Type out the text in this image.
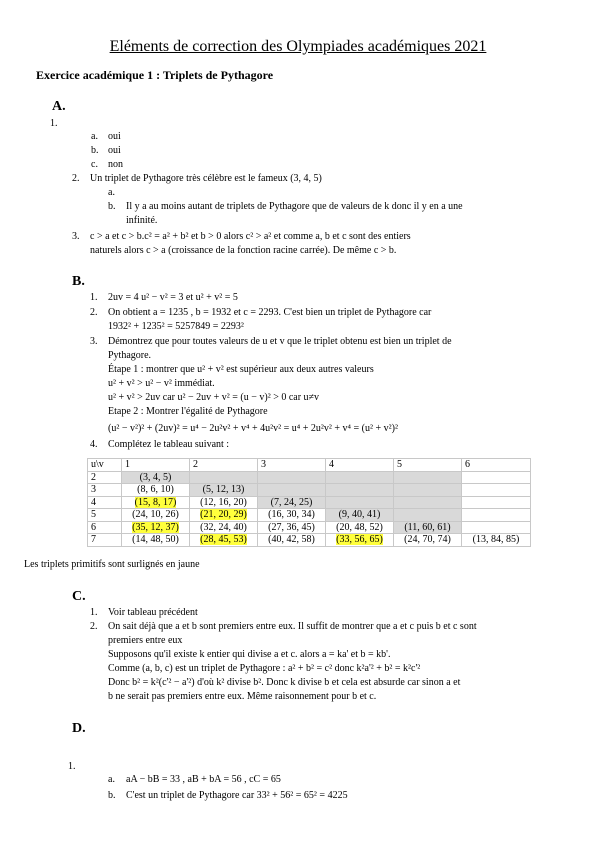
Eléments de correction des Olympiades académiques 2021
Exercice académique 1 : Triplets de Pythagore
A.
1.
a. oui
b. oui
c. non
2. Un triplet de Pythagore très célèbre est le fameux (3, 4, 5)
a.
b. Il y a au moins autant de triplets de Pythagore que de valeurs de k donc il y en a une
infinité.
3. c > a et c > b.c² = a² + b² et b > 0 alors c² > a² et comme a, b et c sont des entiers
naturels alors c > a (croissance de la fonction racine carrée). De même c > b.
B.
1. 2uv = 4 u² − v² = 3 et u² + v² = 5
2. On obtient a = 1235 , b = 1932 et c = 2293. C'est bien un triplet de Pythagore car
1932² + 1235² = 5257849 = 2293²
3. Démontrez que pour toutes valeurs de u et v que le triplet obtenu est bien un triplet de
Pythagore.
Étape 1 : montrer que u² + v² est supérieur aux deux autres valeurs
u² + v² > u² − v² immédiat.
u² + v² > 2uv car u² − 2uv + v² = (u − v)² > 0 car u≠v
Etape 2 : Montrer l'égalité de Pythagore
(u² − v²)² + (2uv)² = u⁴ − 2u²v² + v⁴ + 4u²v² = u⁴ + 2u²v² + v⁴ = (u² + v²)²
4. Complétez le tableau suivant :
u\v	1	2	3	4	5	6
2	(3, 4, 5)					
3	(8, 6, 10)	(5, 12, 13)				
4	(15, 8, 17)	(12, 16, 20)	(7, 24, 25)			
5	(24, 10, 26)	(21, 20, 29)	(16, 30, 34)	(9, 40, 41)		
6	(35, 12, 37)	(32, 24, 40)	(27, 36, 45)	(20, 48, 52)	(11, 60, 61)	
7	(14, 48, 50)	(28, 45, 53)	(40, 42, 58)	(33, 56, 65)	(24, 70, 74)	(13, 84, 85)
Les triplets primitifs sont surlignés en jaune
C.
1. Voir tableau précédent
2. On sait déjà que a et b sont premiers entre eux. Il suffit de montrer que a et c puis b et c sont
premiers entre eux
Supposons qu'il existe k entier qui divise a et c. alors a = ka' et b = kb'.
Comme (a, b, c) est un triplet de Pythagore : a² + b² = c² donc k²a'² + b² = k²c'²
Donc b² = k²(c'² − a'²) d'où k² divise b². Donc k divise b et cela est absurde car sinon a et
b ne serait pas premiers entre eux. Même raisonnement pour b et c.
D.
1.
a. aA − bB = 33 , aB + bA = 56 , cC = 65
b. C'est un triplet de Pythagore car 33² + 56² = 65² = 4225
